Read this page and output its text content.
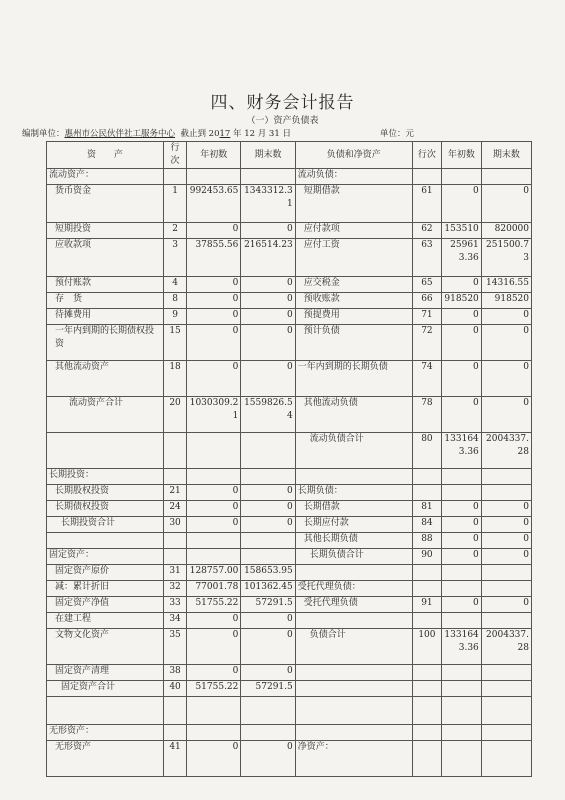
四、财务会计报告
（一）资产负债表
编制单位：惠州市公民伙伴社工服务中心 截止到 2017 年 12 月 31 日	单位：元
资　　产	行次	年初数	期末数	负债和净资产	行次	年初数	期末数
流动资产：				流动负债：			
货币资金	1	992453.65	1343312.31	短期借款	61	0	0
短期投资	2	0	0	应付款项	62	153510	820000
应收款项	3	37855.56	216514.23	应付工资	63	259613.36	251500.73
预付账款	4	0	0	应交税金	65	0	14316.55
存　货	8	0	0	预收账款	66	918520	918520
待摊费用	9	0	0	预提费用	71	0	0
一年内到期的长期债权投资	15	0	0	预计负债	72	0	0
其他流动资产	18	0	0	一年内到期的长期负债	74	0	0
流动资产合计	20	1030309.21	1559826.54	其他流动负债	78	0	0
				流动负债合计	80	1331643.36	2004337.28
长期投资：							
长期股权投资	21	0	0	长期负债：			
长期债权投资	24	0	0	长期借款	81	0	0
长期投资合计	30	0	0	长期应付款	84	0	0
				其他长期负债	88	0	0
固定资产：				长期负债合计	90	0	0
固定资产原价	31	128757.00	158653.95				
减：累计折旧	32	77001.78	101362.45	受托代理负债：			
固定资产净值	33	51755.22	57291.5	受托代理负债	91	0	0
在建工程	34	0	0				
文物文化资产	35	0	0	负债合计	100	1331643.36	2004337.28
固定资产清理	38	0	0				
固定资产合计	40	51755.22	57291.5				

无形资产：							
无形资产	41	0	0	净资产：			
